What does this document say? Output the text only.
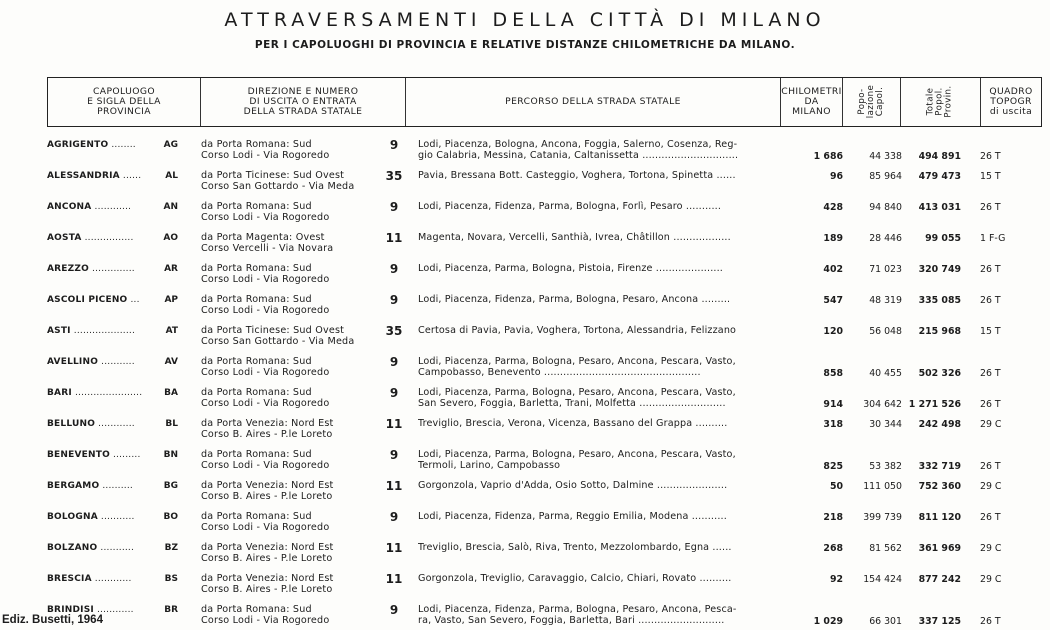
ATTRAVERSAMENTI DELLA CITTÀ DI MILANO
PER I CAPOLUOGHI DI PROVINCIA E RELATIVE DISTANZE CHILOMETRICHE DA MILANO.
CAPOLUOGO
E SIGLA DELLA
PROVINCIA
DIREZIONE E NUMERO
DI USCITA O ENTRATA
DELLA STRADA STATALE
PERCORSO DELLA STRADA STATALE
CHILOMETRI
DA
MILANO	Popo-
lazione
Capol.	Totale
Popol.
Provin.	QUADRO
TOPOGR
di uscita
AGRIGENTO ........	AG da Porta Romana: Sud
Corso Lodi - Via Rogoredo
9	Lodi, Piacenza, Bologna, Ancona, Foggia, Salerno, Cosenza, Reg-
gio Calabria, Messina, Catania, Caltanissetta ..............................	1 686	44 338	494 891 26 T
ALESSANDRIA ......	AL da Porta Ticinese: Sud Ovest
Corso San Gottardo - Via Meda
35 Pavia, Bressana Bott. Casteggio, Voghera, Tortona, Spinetta ......	96	85 964	479 473 15 T
ANCONA ............	AN da Porta Romana: Sud
Corso Lodi - Via Rogoredo
9	Lodi, Piacenza, Fidenza, Parma, Bologna, Forlì, Pesaro ...........	428	94 840	413 031 26 T
AOSTA ................	AO da Porta Magenta: Ovest
Corso Vercelli - Via Novara
11 Magenta, Novara, Vercelli, Santhià, Ivrea, Châtillon ..................	189	28 446	99 055 1 F-G
AREZZO ..............	AR da Porta Romana: Sud
Corso Lodi - Via Rogoredo
9	Lodi, Piacenza, Parma, Bologna, Pistoia, Firenze .....................	402	71 023	320 749 26 T
ASCOLI PICENO ...	AP da Porta Romana: Sud
Corso Lodi - Via Rogoredo
9	Lodi, Piacenza, Fidenza, Parma, Bologna, Pesaro, Ancona .........	547	48 319	335 085 26 T
ASTI ....................	AT da Porta Ticinese: Sud Ovest
Corso San Gottardo - Via Meda
35 Certosa di Pavia, Pavia, Voghera, Tortona, Alessandria, Felizzano	120	56 048	215 968 15 T
AVELLINO ...........	AV da Porta Romana: Sud
Corso Lodi - Via Rogoredo
9	Lodi, Piacenza, Parma, Bologna, Pesaro, Ancona, Pescara, Vasto,
Campobasso, Benevento .................................................	858	40 455	502 326 26 T
BARI ......................	BA da Porta Romana: Sud
Corso Lodi - Via Rogoredo
9	Lodi, Piacenza, Parma, Bologna, Pesaro, Ancona, Pescara, Vasto,
San Severo, Foggia, Barletta, Trani, Molfetta ...........................	914	304 642 1 271 526 26 T
BELLUNO ............	BL da Porta Venezia: Nord Est
Corso B. Aires - P.le Loreto
11 Treviglio, Brescia, Verona, Vicenza, Bassano del Grappa ..........	318	30 344	242 498 29 C
BENEVENTO .........	BN da Porta Romana: Sud
Corso Lodi - Via Rogoredo
9	Lodi, Piacenza, Parma, Bologna, Pesaro, Ancona, Pescara, Vasto,
Termoli, Larino, Campobasso	825	53 382	332 719 26 T
BERGAMO ..........	BG da Porta Venezia: Nord Est
Corso B. Aires - P.le Loreto
11 Gorgonzola, Vaprio d'Adda, Osio Sotto, Dalmine ......................	50	111 050	752 360 29 C
BOLOGNA ...........	BO da Porta Romana: Sud
Corso Lodi - Via Rogoredo
9	Lodi, Piacenza, Fidenza, Parma, Reggio Emilia, Modena ...........	218	399 739	811 120 26 T
BOLZANO ...........	BZ da Porta Venezia: Nord Est
Corso B. Aires - P.le Loreto
11 Treviglio, Brescia, Salò, Riva, Trento, Mezzolombardo, Egna ......	268	81 562	361 969 29 C
BRESCIA ............	BS da Porta Venezia: Nord Est
Corso B. Aires - P.le Loreto
11 Gorgonzola, Treviglio, Caravaggio, Calcio, Chiari, Rovato ..........	92	154 424	877 242 29 C
BRINDISI ............	BR da Porta Romana: Sud
Corso Lodi - Via Rogoredo
9	Lodi, Piacenza, Fidenza, Parma, Bologna, Pesaro, Ancona, Pesca-
ra, Vasto, San Severo, Foggia, Barletta, Bari ...........................	1 029	66 301	337 125 26 T
Ediz. Busetti, 1964
